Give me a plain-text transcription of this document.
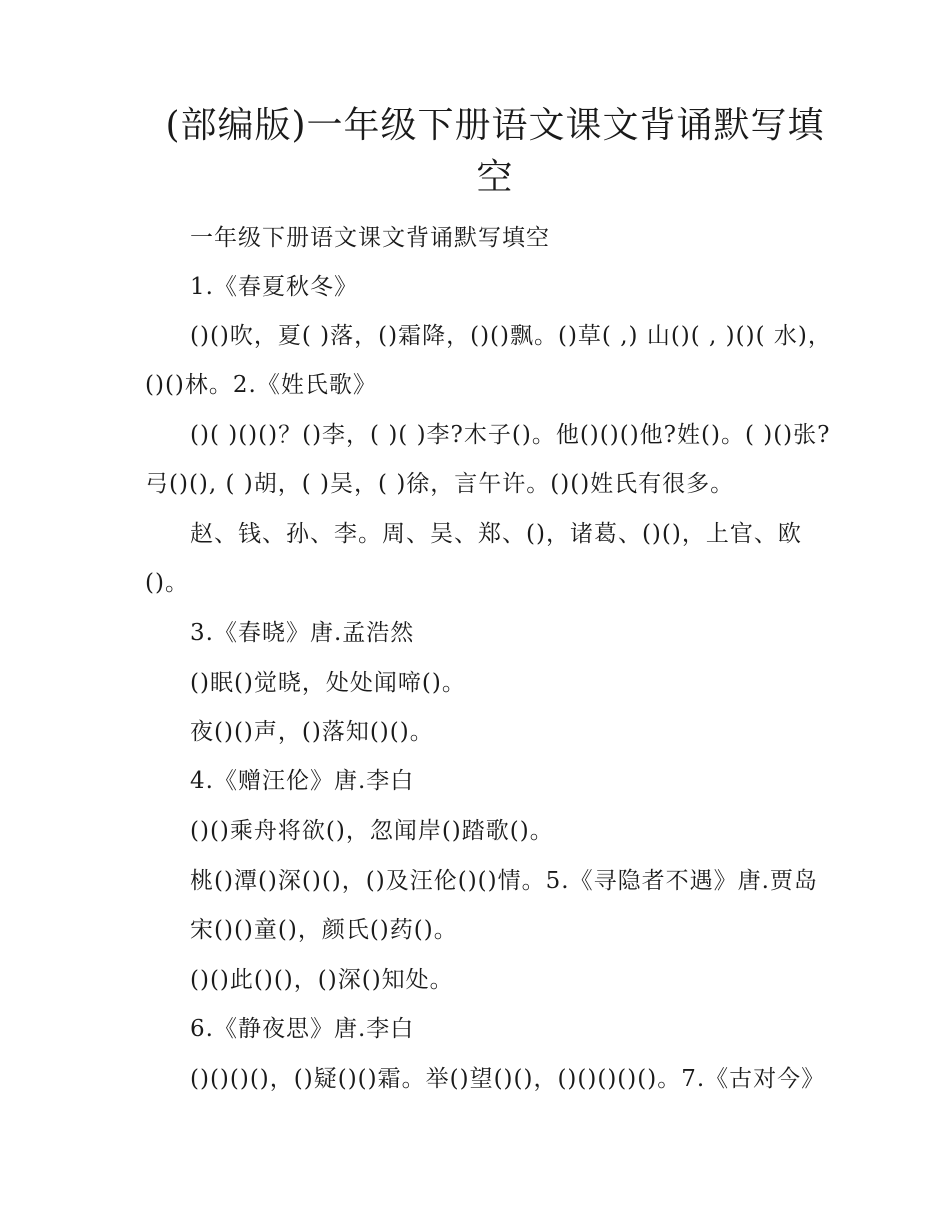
(部编版)一年级下册语文课文背诵默写填空
一年级下册语文课文背诵默写填空
1.《春夏秋冬》
()()吹，夏( )落，()霜降，()()飘。()草( ,) 山()( , )()( 水)，
()()林。2.《姓氏歌》
()( )()()？()李，( )( )李?木子()。他()()()他?姓()。( )()张?
弓()(), ( )胡，( )吴，( )徐，言午许。()()姓氏有很多。
赵、钱、孙、李。周、吴、郑、()，诸葛、()()，上官、欧
()。
3.《春晓》唐.孟浩然
()眠()觉晓，处处闻啼()。
夜()()声，()落知()()。
4.《赠汪伦》唐.李白
()()乘舟将欲()，忽闻岸()踏歌()。
桃()潭()深()()，()及汪伦()()情。5.《寻隐者不遇》唐.贾岛
宋()()童()，颜氏()药()。
()()此()()，()深()知处。
6.《静夜思》唐.李白
()()()()，()疑()()霜。举()望()()，()()()()()。7.《古对今》
